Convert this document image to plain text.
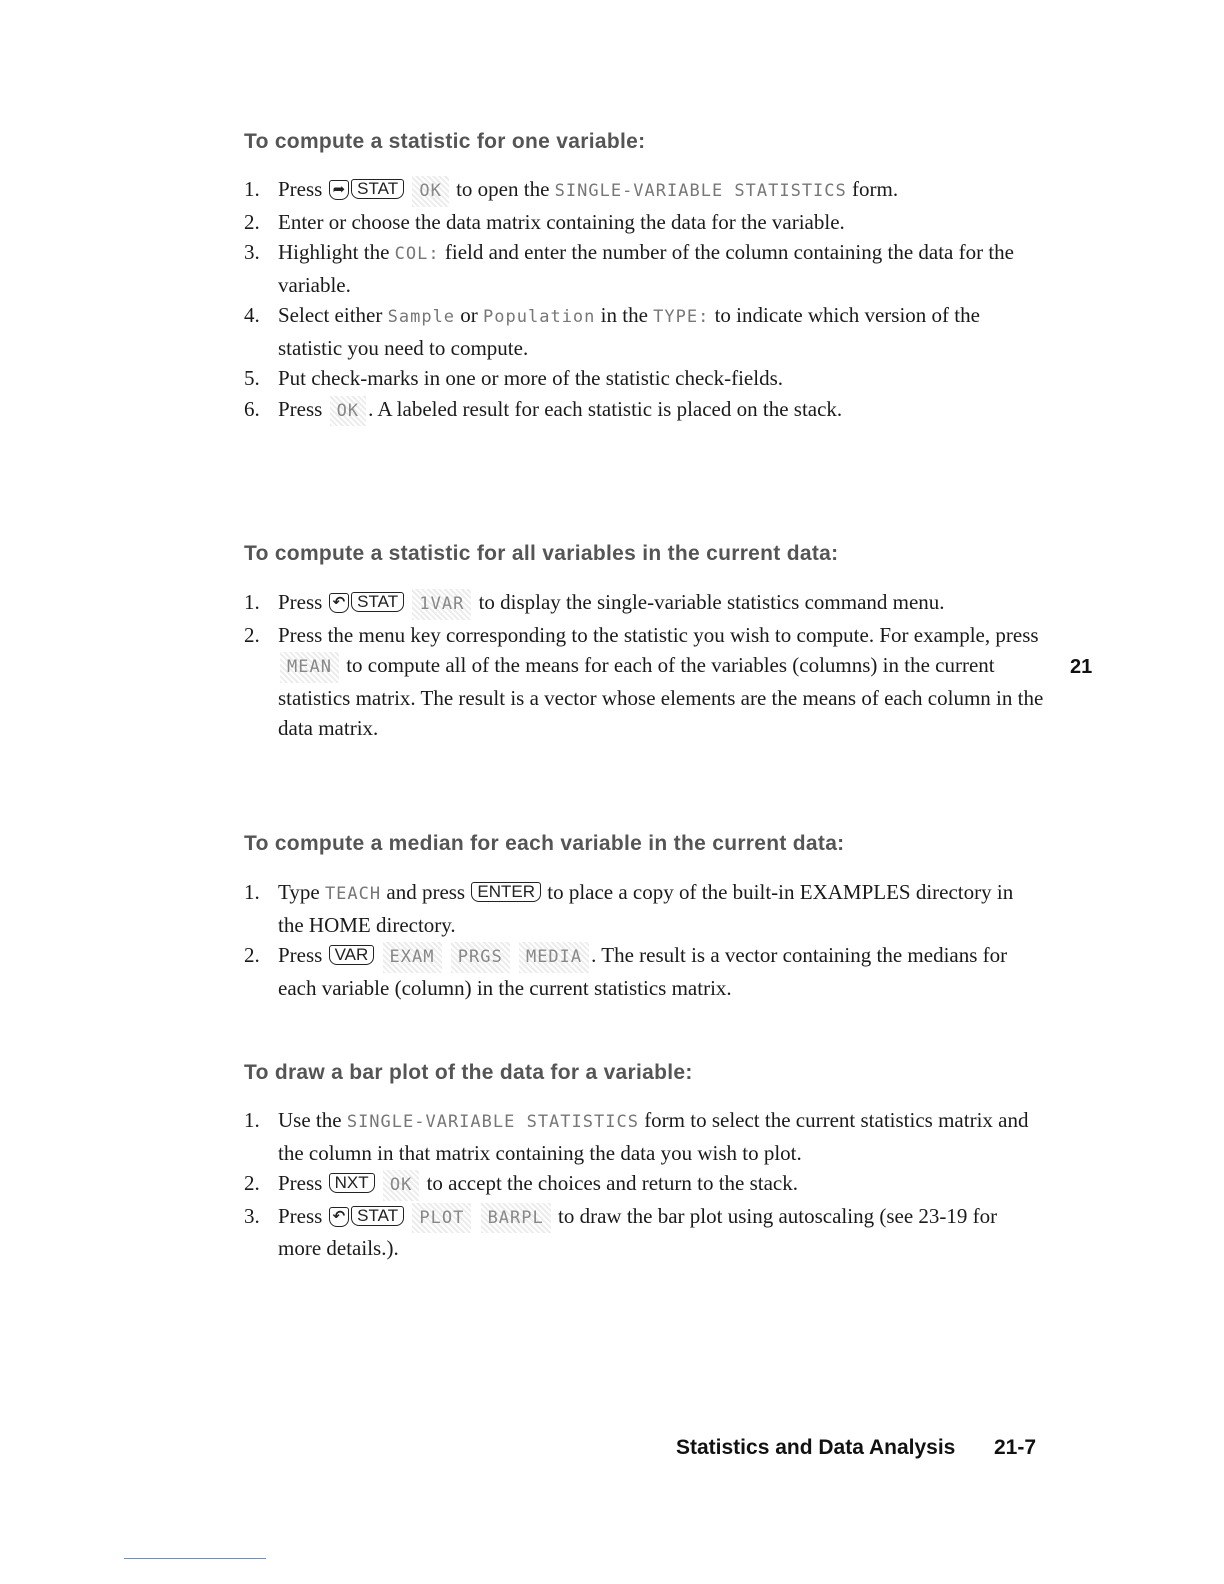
To compute a statistic for one variable:
1. Press ➦ STAT OK to open the SINGLE-VARIABLE STATISTICS form.
2. Enter or choose the data matrix containing the data for the variable.
3. Highlight the COL: field and enter the number of the column containing the data for the variable.
4. Select either Sample or Population in the TYPE: to indicate which version of the statistic you need to compute.
5. Put check-marks in one or more of the statistic check-fields.
6. Press OK . A labeled result for each statistic is placed on the stack.
To compute a statistic for all variables in the current data:
1. Press ↶ STAT 1VAR to display the single-variable statistics command menu.
2. Press the menu key corresponding to the statistic you wish to compute. For example, press MEAN to compute all of the means for each of the variables (columns) in the current statistics matrix. The result is a vector whose elements are the means of each column in the data matrix.
To compute a median for each variable in the current data:
1. Type TEACH and press ENTER to place a copy of the built-in EXAMPLES directory in the HOME directory.
2. Press VAR EXAM PRGS MEDIA . The result is a vector containing the medians for each variable (column) in the current statistics matrix.
To draw a bar plot of the data for a variable:
1. Use the SINGLE-VARIABLE STATISTICS form to select the current statistics matrix and the column in that matrix containing the data you wish to plot.
2. Press NXT OK to accept the choices and return to the stack.
3. Press ↶ STAT PLOT BARPL to draw the bar plot using autoscaling (see 23-19 for more details.).
21
Statistics and Data Analysis 21-7
